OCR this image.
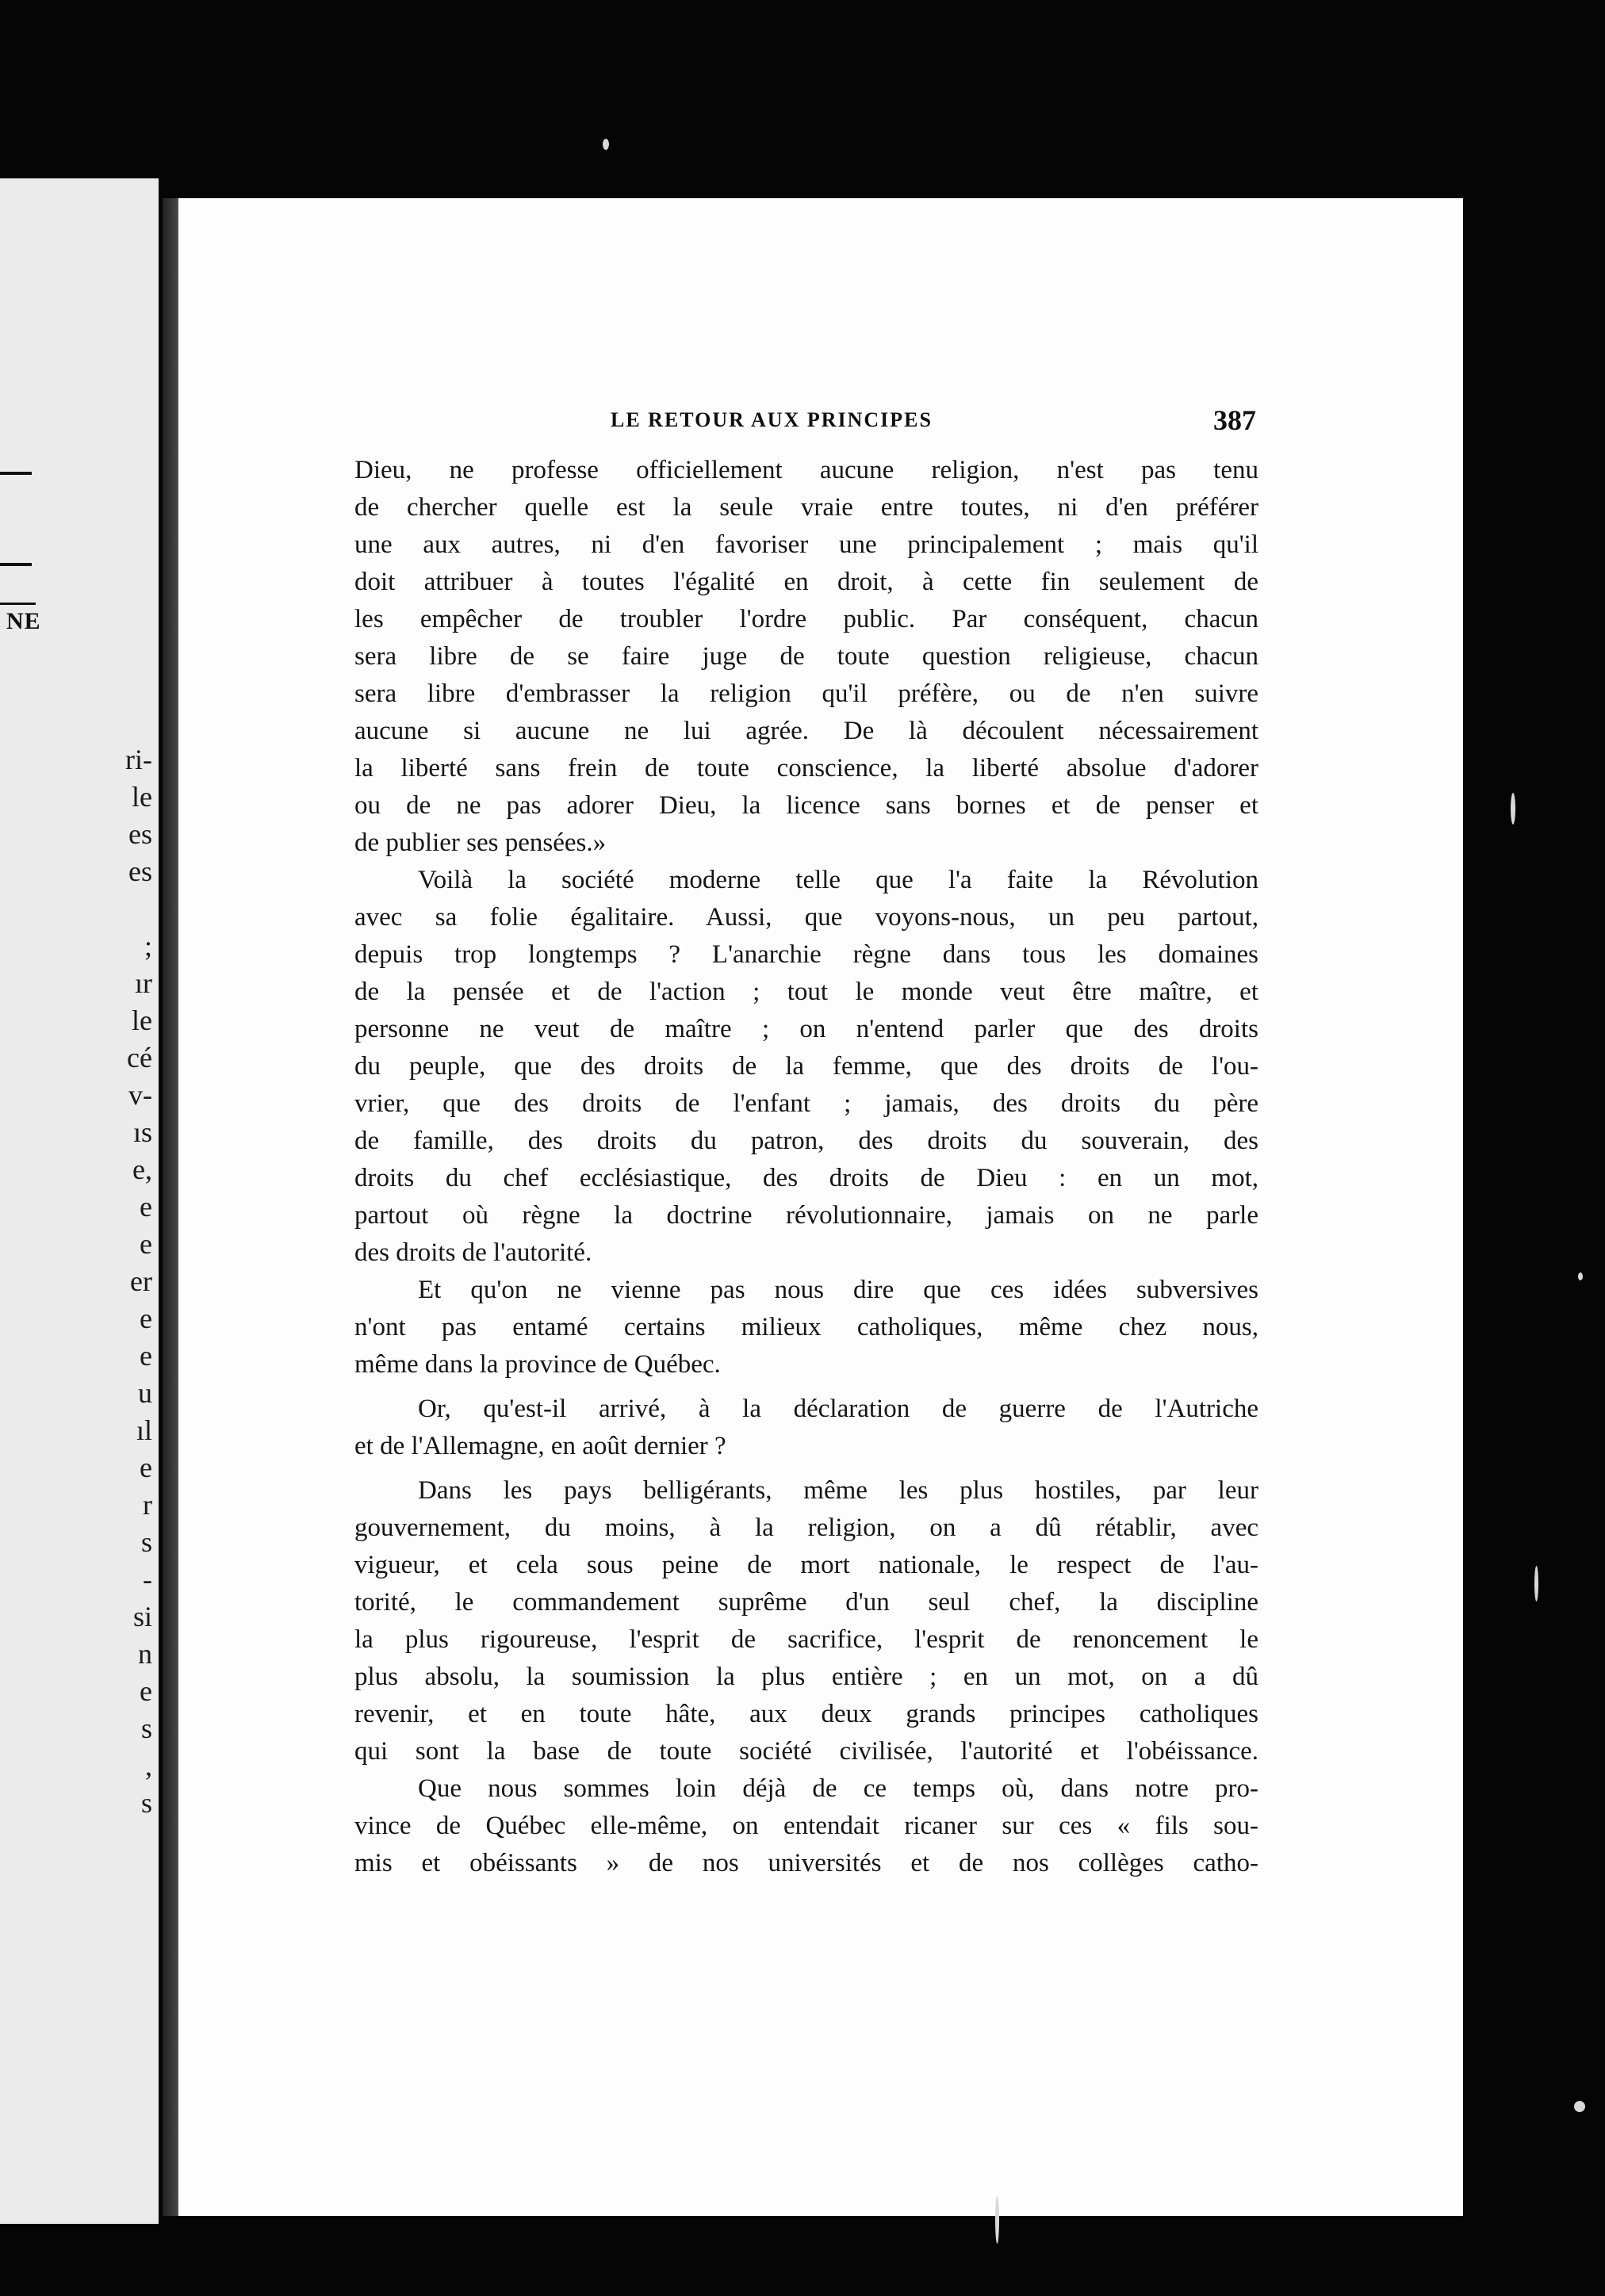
NE
ri-
le
es
es
;
ır
le
cé
v-
ıs
e,
e
e
er
e
e
u
ıl
e
r
s
-
si
n
e
s
,
s
LE RETOUR AUX PRINCIPES	387
Dieu, ne professe officiellement aucune religion, n'est pas tenu
de chercher quelle est la seule vraie entre toutes, ni d'en préférer
une aux autres, ni d'en favoriser une principalement ; mais qu'il
doit attribuer à toutes l'égalité en droit, à cette fin seulement de
les empêcher de troubler l'ordre public. Par conséquent, chacun
sera libre de se faire juge de toute question religieuse, chacun
sera libre d'embrasser la religion qu'il préfère, ou de n'en suivre
aucune si aucune ne lui agrée. De là découlent nécessairement
la liberté sans frein de toute conscience, la liberté absolue d'adorer
ou de ne pas adorer Dieu, la licence sans bornes et de penser et
de publier ses pensées.»
Voilà la société moderne telle que l'a faite la Révolution
avec sa folie égalitaire. Aussi, que voyons-nous, un peu partout,
depuis trop longtemps ? L'anarchie règne dans tous les domaines
de la pensée et de l'action ; tout le monde veut être maître, et
personne ne veut de maître ; on n'entend parler que des droits
du peuple, que des droits de la femme, que des droits de l'ou-
vrier, que des droits de l'enfant ; jamais, des droits du père
de famille, des droits du patron, des droits du souverain, des
droits du chef ecclésiastique, des droits de Dieu : en un mot,
partout où règne la doctrine révolutionnaire, jamais on ne parle
des droits de l'autorité.
Et qu'on ne vienne pas nous dire que ces idées subversives
n'ont pas entamé certains milieux catholiques, même chez nous,
même dans la province de Québec.
Or, qu'est-il arrivé, à la déclaration de guerre de l'Autriche
et de l'Allemagne, en août dernier ?
Dans les pays belligérants, même les plus hostiles, par leur
gouvernement, du moins, à la religion, on a dû rétablir, avec
vigueur, et cela sous peine de mort nationale, le respect de l'au-
torité, le commandement suprême d'un seul chef, la discipline
la plus rigoureuse, l'esprit de sacrifice, l'esprit de renoncement le
plus absolu, la soumission la plus entière ; en un mot, on a dû
revenir, et en toute hâte, aux deux grands principes catholiques
qui sont la base de toute société civilisée, l'autorité et l'obéissance.
Que nous sommes loin déjà de ce temps où, dans notre pro-
vince de Québec elle-même, on entendait ricaner sur ces « fils sou-
mis et obéissants » de nos universités et de nos collèges catho-
